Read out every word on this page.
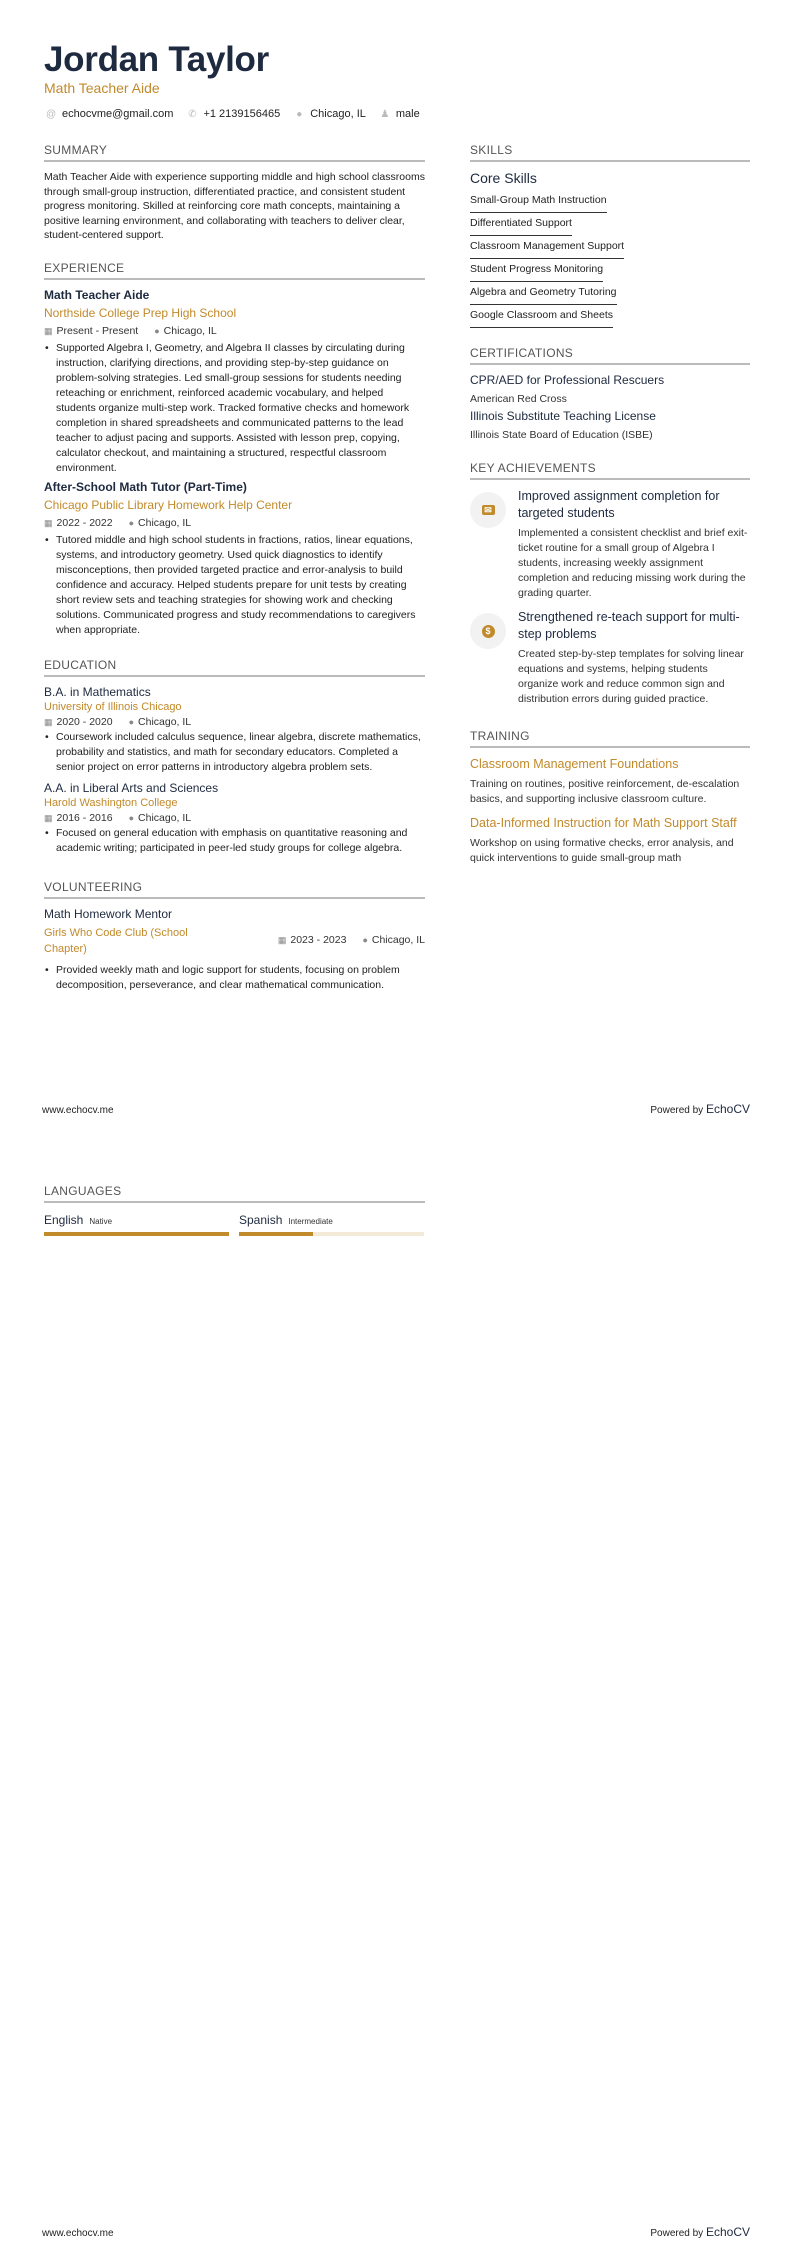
Jordan Taylor
Math Teacher Aide
@ echocvme@gmail.com ✆ +1 2139156465 ● Chicago, IL ♟ male
SUMMARY
Math Teacher Aide with experience supporting middle and high school classrooms through small-group instruction, differentiated practice, and consistent student progress monitoring. Skilled at reinforcing core math concepts, maintaining a positive learning environment, and collaborating with teachers to deliver clear, student-centered support.
EXPERIENCE
Math Teacher Aide
Northside College Prep High School
▦ Present - Present ● Chicago, IL
• Supported Algebra I, Geometry, and Algebra II classes by circulating during instruction, clarifying directions, and providing step-by-step guidance on problem-solving strategies. Led small-group sessions for students needing reteaching or enrichment, reinforced academic vocabulary, and helped students organize multi-step work. Tracked formative checks and homework completion in shared spreadsheets and communicated patterns to the lead teacher to adjust pacing and supports. Assisted with lesson prep, copying, calculator checkout, and maintaining a structured, respectful classroom environment.
After-School Math Tutor (Part-Time)
Chicago Public Library Homework Help Center
▦ 2022 - 2022 ● Chicago, IL
• Tutored middle and high school students in fractions, ratios, linear equations, systems, and introductory geometry. Used quick diagnostics to identify misconceptions, then provided targeted practice and error-analysis to build confidence and accuracy. Helped students prepare for unit tests by creating short review sets and teaching strategies for showing work and checking solutions. Communicated progress and study recommendations to caregivers when appropriate.
EDUCATION
B.A. in Mathematics
University of Illinois Chicago
▦ 2020 - 2020 ● Chicago, IL
• Coursework included calculus sequence, linear algebra, discrete mathematics, probability and statistics, and math for secondary educators. Completed a senior project on error patterns in introductory algebra problem sets.
A.A. in Liberal Arts and Sciences
Harold Washington College
▦ 2016 - 2016 ● Chicago, IL
• Focused on general education with emphasis on quantitative reasoning and academic writing; participated in peer-led study groups for college algebra.
VOLUNTEERING
Math Homework Mentor
Girls Who Code Club (School Chapter)
▦ 2023 - 2023 ● Chicago, IL
• Provided weekly math and logic support for students, focusing on problem decomposition, perseverance, and clear mathematical communication.
SKILLS
Core Skills
Small-Group Math Instruction
Differentiated Support
Classroom Management Support
Student Progress Monitoring
Algebra and Geometry Tutoring
Google Classroom and Sheets
CERTIFICATIONS
CPR/AED for Professional Rescuers
American Red Cross
Illinois Substitute Teaching License
Illinois State Board of Education (ISBE)
KEY ACHIEVEMENTS
✉
Improved assignment completion for targeted students
Implemented a consistent checklist and brief exit-ticket routine for a small group of Algebra I students, increasing weekly assignment completion and reducing missing work during the grading quarter.
$
Strengthened re-teach support for multi-step problems
Created step-by-step templates for solving linear equations and systems, helping students organize work and reduce common sign and distribution errors during guided practice.
TRAINING
Classroom Management Foundations
Training on routines, positive reinforcement, de-escalation basics, and supporting inclusive classroom culture.
Data-Informed Instruction for Math Support Staff
Workshop on using formative checks, error analysis, and quick interventions to guide small-group math
www.echocv.me	Powered by EchoCV
LANGUAGES
English Native	Spanish Intermediate
www.echocv.me	Powered by EchoCV
